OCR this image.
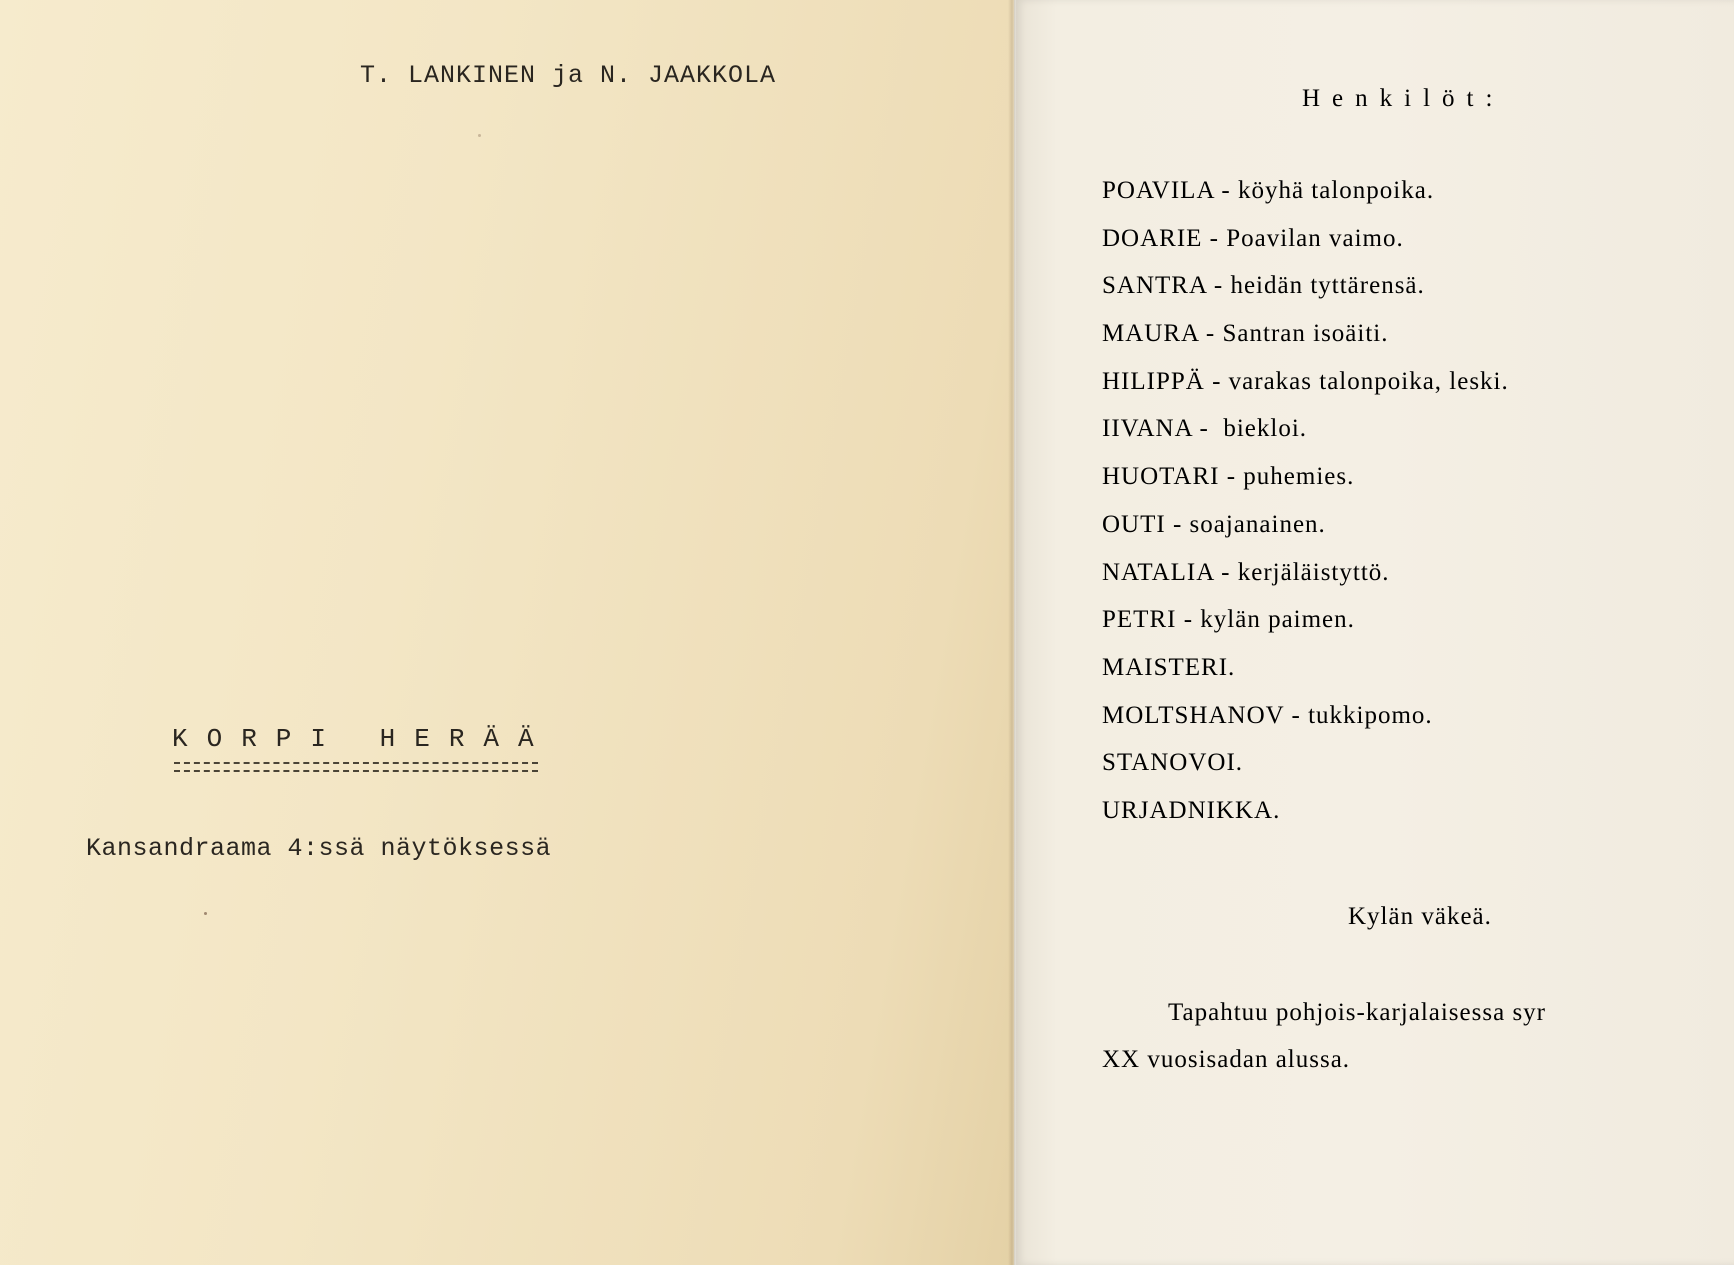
T. LANKINEN ja N. JAAKKOLA
KORPI HERÄÄ
Kansandraama 4:ssä näytöksessä
Henkilöt:
POAVILA - köyhä talonpoika.
DOARIE - Poavilan vaimo.
SANTRA - heidän tyttärensä.
MAURA - Santran isoäiti.
HILIPPÄ - varakas talonpoika, leski.
IIVANA -  biekloi.
HUOTARI - puhemies.
OUTI - soajanainen.
NATALIA - kerjäläistyttö.
PETRI - kylän paimen.
MAISTERI.
MOLTSHANOV - tukkipomo.
STANOVOI.
URJADNIKKA.
Kylän väkeä.
Tapahtuu pohjois-karjalaisessa syr
XX vuosisadan alussa.
